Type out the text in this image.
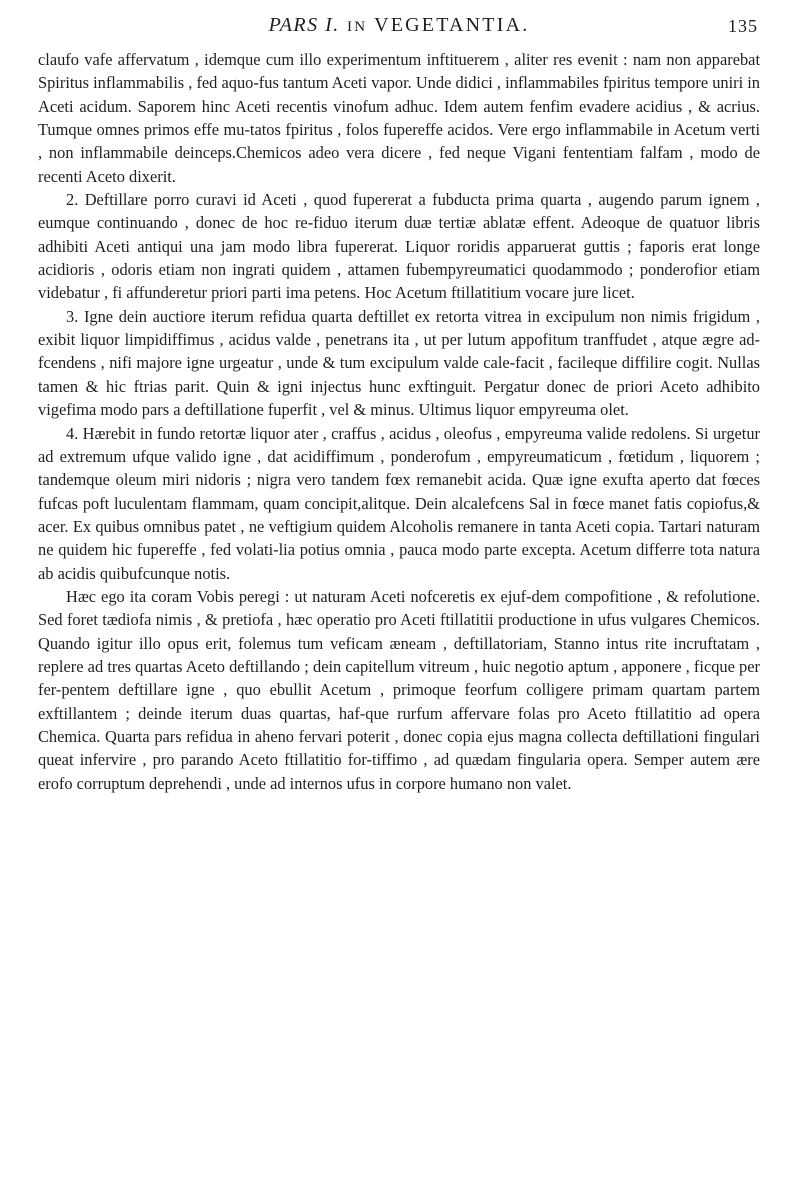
PARS I. IN VEGETANTIA.	135

claufo vafe affervatum , idemque cum illo experimentum inftituerem , aliter res evenit : nam non apparebat Spiritus inflammabilis , fed aquo-fus tantum Aceti vapor. Unde didici , inflammabiles fpiritus tempore uniri in Aceti acidum. Saporem hinc Aceti recentis vinofum adhuc. Idem autem fenfim evadere acidius , & acrius. Tumque omnes primos effe mu-tatos fpiritus , folos fupereffe acidos. Vere ergo inflammabile in Acetum verti , non inflammabile deinceps.Chemicos adeo vera dicere , fed neque Vigani fententiam falfam , modo de recenti Aceto dixerit.

2. Deftillare porro curavi id Aceti , quod fupererat a fubducta prima quarta , augendo parum ignem , eumque continuando , donec de hoc re-fiduo iterum duæ tertiæ ablatæ effent. Adeoque de quatuor libris adhibiti Aceti antiqui una jam modo libra fupererat. Liquor roridis apparuerat guttis ; faporis erat longe acidioris , odoris etiam non ingrati quidem , attamen fubempyreumatici quodammodo ; ponderofior etiam videbatur , fi affunderetur priori parti ima petens. Hoc Acetum ftillatitium vocare jure licet.

3. Igne dein auctiore iterum refidua quarta deftillet ex retorta vitrea in excipulum non nimis frigidum , exibit liquor limpidiffimus , acidus valde , penetrans ita , ut per lutum appofitum tranffudet , atque ægre ad-fcendens , nifi majore igne urgeatur , unde & tum excipulum valde cale-facit , facileque diffilire cogit. Nullas tamen & hic ftrias parit. Quin & igni injectus hunc exftinguit. Pergatur donec de priori Aceto adhibito vigefima modo pars a deftillatione fuperfit , vel & minus. Ultimus liquor empyreuma olet.

4. Hærebit in fundo retortæ liquor ater , craffus , acidus , oleofus , empyreuma valide redolens. Si urgetur ad extremum ufque valido igne , dat acidiffimum , ponderofum , empyreumaticum , fœtidum , liquorem ; tandemque oleum miri nidoris ; nigra vero tandem fœx remanebit acida. Quæ igne exufta aperto dat fœces fufcas poft luculentam flammam, quam concipit,alitque. Dein alcalefcens Sal in fœce manet fatis copiofus,& acer. Ex quibus omnibus patet , ne veftigium quidem Alcoholis remanere in tanta Aceti copia. Tartari naturam ne quidem hic fupereffe , fed volati-lia potius omnia , pauca modo parte excepta. Acetum differre tota natura ab acidis quibufcunque notis.

Hæc ego ita coram Vobis peregi : ut naturam Aceti nofceretis ex ejuf-dem compofitione , & refolutione. Sed foret tædiofa nimis , & pretiofa , hæc operatio pro Aceti ftillatitii productione in ufus vulgares Chemicos. Quando igitur illo opus erit, folemus tum veficam æneam , deftillatoriam, Stanno intus rite incruftatam , replere ad tres quartas Aceto deftillando ; dein capitellum vitreum , huic negotio aptum , apponere , ficque per fer-pentem deftillare igne , quo ebullit Acetum , primoque feorfum colligere primam quartam partem exftillantem ; deinde iterum duas quartas, haf-que rurfum affervare folas pro Aceto ftillatitio ad opera Chemica. Quarta pars refidua in aheno fervari poterit , donec copia ejus magna collecta deftillationi fingulari queat infervire , pro parando Aceto ftillatitio for-tiffimo , ad quædam fingularia opera. Semper autem ære erofo corruptum deprehendi , unde ad internos ufus in corpore humano non valet.
